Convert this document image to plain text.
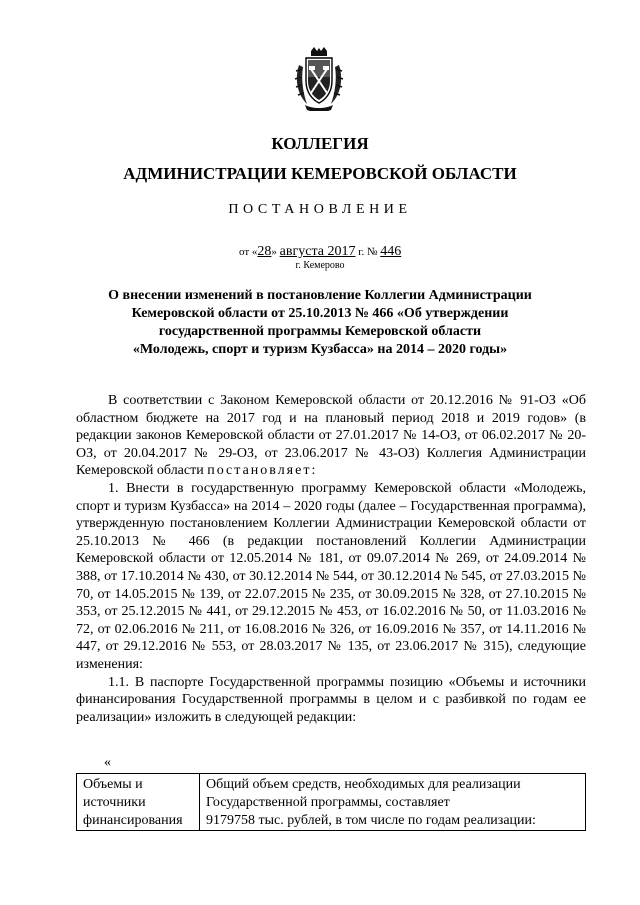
КОЛЛЕГИЯ
АДМИНИСТРАЦИИ КЕМЕРОВСКОЙ ОБЛАСТИ
ПОСТАНОВЛЕНИЕ
от «28» августа 2017 г. № 446
г. Кемерово
О внесении изменений в постановление Коллегии Администрации
Кемеровской области от 25.10.2013 № 466 «Об утверждении
государственной программы Кемеровской области
«Молодежь, спорт и туризм Кузбасса» на 2014 – 2020 годы»

В соответствии с Законом Кемеровской области от 20.12.2016 № 91-ОЗ «Об областном бюджете на 2017 год и на плановый период 2018 и 2019 годов» (в редакции законов Кемеровской области от 27.01.2017 № 14-ОЗ, от 06.02.2017 № 20-ОЗ, от 20.04.2017 № 29-ОЗ, от 23.06.2017 № 43-ОЗ) Коллегия Администрации Кемеровской области постановляет:

1. Внести в государственную программу Кемеровской области «Молодежь, спорт и туризм Кузбасса» на 2014 – 2020 годы (далее – Государственная программа), утвержденную постановлением Коллегии Администрации Кемеровской области от 25.10.2013 № 466 (в редакции постановлений Коллегии Администрации Кемеровской области от 12.05.2014 № 181, от 09.07.2014 № 269, от 24.09.2014 № 388, от 17.10.2014 № 430, от 30.12.2014 № 544, от 30.12.2014 № 545, от 27.03.2015 № 70, от 14.05.2015 № 139, от 22.07.2015 № 235, от 30.09.2015 № 328, от 27.10.2015 № 353, от 25.12.2015 № 441, от 29.12.2015 № 453, от 16.02.2016 № 50, от 11.03.2016 № 72, от 02.06.2016 № 211, от 16.08.2016 № 326, от 16.09.2016 № 357, от 14.11.2016 № 447, от 29.12.2016 № 553, от 28.03.2017 № 135, от 23.06.2017 № 315), следующие изменения:

1.1. В паспорте Государственной программы позицию «Объемы и источники финансирования Государственной программы в целом и с разбивкой по годам ее реализации» изложить в следующей редакции:

«
Объемы и
источники
финансирования

Общий объем средств, необходимых для реализации
Государственной программы, составляет
9179758 тыс. рублей, в том числе по годам реализации:
